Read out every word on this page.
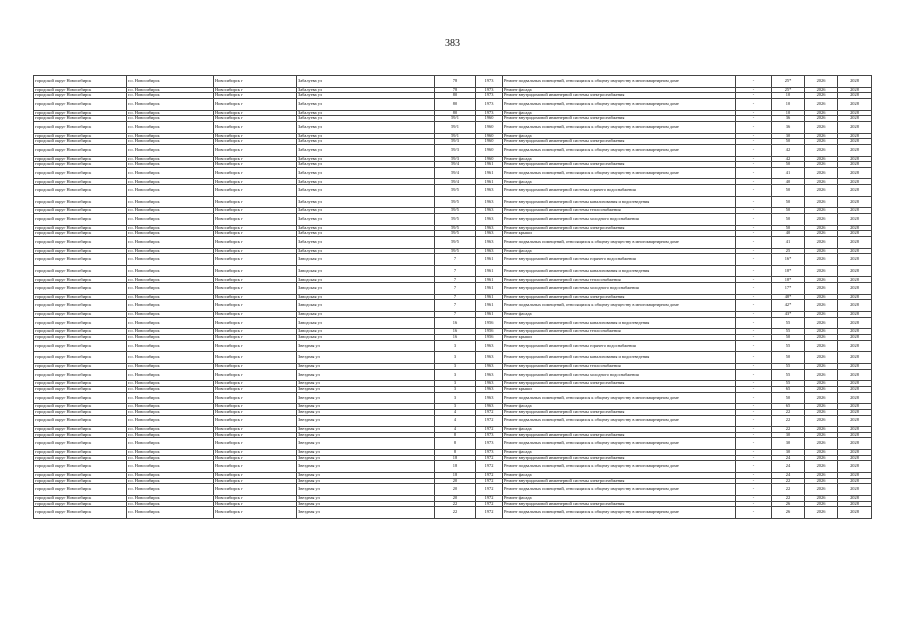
383
городской округ Новосибирск	г.о. Новосибирск	Новосибирск г	Забалуева ул	78	1973	Ремонт подвальных помещений, относящихся к общему имуществу в многоквартирном доме	-	25*	2026	2028
городской округ Новосибирск	г.о. Новосибирск	Новосибирск г	Забалуева ул	78	1973	Ремонт фасада	-	25*	2026	2028
городской округ Новосибирск	г.о. Новосибирск	Новосибирск г	Забалуева ул	80	1973	Ремонт внутридомовой инженерной системы электроснабжения	-	10	2026	2028
городской округ Новосибирск	г.о. Новосибирск	Новосибирск г	Забалуева ул	80	1973	Ремонт подвальных помещений, относящихся к общему имуществу в многоквартирном доме	-	10	2026	2028
городской округ Новосибирск	г.о. Новосибирск	Новосибирск г	Забалуева ул	80	1973	Ремонт фасада	-	10	2026	2028
городской округ Новосибирск	г.о. Новосибирск	Новосибирск г	Забалуева ул	59/1	1960	Ремонт внутридомовой инженерной системы электроснабжения	-	36	2026	2028
городской округ Новосибирск	г.о. Новосибирск	Новосибирск г	Забалуева ул	59/1	1960	Ремонт подвальных помещений, относящихся к общему имуществу в многоквартирном доме	-	36	2026	2028
городской округ Новосибирск	г.о. Новосибирск	Новосибирск г	Забалуева ул	59/1	1960	Ремонт фасада	-	30	2026	2028
городской округ Новосибирск	г.о. Новосибирск	Новосибирск г	Забалуева ул	59/3	1960	Ремонт внутридомовой инженерной системы электроснабжения	-	50	2026	2028
городской округ Новосибирск	г.о. Новосибирск	Новосибирск г	Забалуева ул	59/3	1960	Ремонт подвальных помещений, относящихся к общему имуществу в многоквартирном доме	-	42	2026	2028
городской округ Новосибирск	г.о. Новосибирск	Новосибирск г	Забалуева ул	59/3	1960	Ремонт фасада	-	42	2026	2028
городской округ Новосибирск	г.о. Новосибирск	Новосибирск г	Забалуева ул	59/4	1961	Ремонт внутридомовой инженерной системы электроснабжения	-	50	2026	2028
городской округ Новосибирск	г.о. Новосибирск	Новосибирск г	Забалуева ул	59/4	1961	Ремонт подвальных помещений, относящихся к общему имуществу в многоквартирном доме	-	41	2026	2028
городской округ Новосибирск	г.о. Новосибирск	Новосибирск г	Забалуева ул	59/4	1961	Ремонт фасада	-	40	2026	2028
городской округ Новосибирск	г.о. Новосибирск	Новосибирск г	Забалуева ул	59/5	1963	Ремонт внутридомовой инженерной системы горячего водоснабжения	-	50	2026	2028
городской округ Новосибирск	г.о. Новосибирск	Новосибирск г	Забалуева ул	59/5	1963	Ремонт внутридомовой инженерной системы канализования и водоотведения	-	50	2026	2028
городской округ Новосибирск	г.о. Новосибирск	Новосибирск г	Забалуева ул	59/5	1963	Ремонт внутридомовой инженерной системы теплоснабжения	-	50	2026	2028
городской округ Новосибирск	г.о. Новосибирск	Новосибирск г	Забалуева ул	59/5	1963	Ремонт внутридомовой инженерной системы холодного водоснабжения	-	50	2026	2028
городской округ Новосибирск	г.о. Новосибирск	Новосибирск г	Забалуева ул	59/5	1963	Ремонт внутридомовой инженерной системы электроснабжения	-	50	2026	2028
городской округ Новосибирск	г.о. Новосибирск	Новосибирск г	Забалуева ул	59/5	1963	Ремонт крыши	-	40	2026	2028
городской округ Новосибирск	г.о. Новосибирск	Новосибирск г	Забалуева ул	59/5	1963	Ремонт подвальных помещений, относящихся к общему имуществу в многоквартирном доме	-	41	2026	2028
городской округ Новосибирск	г.о. Новосибирск	Новосибирск г	Забалуева ул	59/5	1963	Ремонт фасада	-	25	2026	2028
городской округ Новосибирск	г.о. Новосибирск	Новосибирск г	Заводская ул	7	1961	Ремонт внутридомовой инженерной системы горячего водоснабжения	-	16*	2026	2028
городской округ Новосибирск	г.о. Новосибирск	Новосибирск г	Заводская ул	7	1961	Ремонт внутридомовой инженерной системы канализования и водоотведения	-	18*	2026	2028
городской округ Новосибирск	г.о. Новосибирск	Новосибирск г	Заводская ул	7	1961	Ремонт внутридомовой инженерной системы теплоснабжения	-	18*	2026	2028
городской округ Новосибирск	г.о. Новосибирск	Новосибирск г	Заводская ул	7	1961	Ремонт внутридомовой инженерной системы холодного водоснабжения	-	17*	2026	2028
городской округ Новосибирск	г.о. Новосибирск	Новосибирск г	Заводская ул	7	1961	Ремонт внутридомовой инженерной системы электроснабжения	-	48*	2026	2028
городской округ Новосибирск	г.о. Новосибирск	Новосибирск г	Заводская ул	7	1961	Ремонт подвальных помещений, относящихся к общему имуществу в многоквартирном доме	-	42*	2026	2028
городской округ Новосибирск	г.о. Новосибирск	Новосибирск г	Заводская ул	7	1961	Ремонт фасада	-	43*	2026	2028
городской округ Новосибирск	г.о. Новосибирск	Новосибирск г	Заводская ул	16	1956	Ремонт внутридомовой инженерной системы канализования и водоотведения	-	55	2026	2028
городской округ Новосибирск	г.о. Новосибирск	Новосибирск г	Заводская ул	16	1956	Ремонт внутридомовой инженерной системы теплоснабжения	-	55	2026	2028
городской округ Новосибирск	г.о. Новосибирск	Новосибирск г	Заводская ул	16	1956	Ремонт крыши	-	50	2026	2028
городской округ Новосибирск	г.о. Новосибирск	Новосибирск г	Звездная ул	3	1963	Ремонт внутридомовой инженерной системы горячего водоснабжения	-	55	2026	2028
городской округ Новосибирск	г.о. Новосибирск	Новосибирск г	Звездная ул	3	1963	Ремонт внутридомовой инженерной системы канализования и водоотведения	-	50	2026	2028
городской округ Новосибирск	г.о. Новосибирск	Новосибирск г	Звездная ул	3	1963	Ремонт внутридомовой инженерной системы теплоснабжения	-	55	2026	2028
городской округ Новосибирск	г.о. Новосибирск	Новосибирск г	Звездная ул	3	1963	Ремонт внутридомовой инженерной системы холодного водоснабжения	-	55	2026	2028
городской округ Новосибирск	г.о. Новосибирск	Новосибирск г	Звездная ул	3	1963	Ремонт внутридомовой инженерной системы электроснабжения	-	55	2026	2028
городской округ Новосибирск	г.о. Новосибирск	Новосибирск г	Звездная ул	3	1963	Ремонт крыши	-	65	2026	2028
городской округ Новосибирск	г.о. Новосибирск	Новосибирск г	Звездная ул	3	1963	Ремонт подвальных помещений, относящихся к общему имуществу в многоквартирном доме	-	50	2026	2028
городской округ Новосибирск	г.о. Новосибирск	Новосибирск г	Звездная ул	3	1963	Ремонт фасада	-	65	2026	2028
городской округ Новосибирск	г.о. Новосибирск	Новосибирск г	Звездная ул	4	1972	Ремонт внутридомовой инженерной системы электроснабжения	-	22	2026	2028
городской округ Новосибирск	г.о. Новосибирск	Новосибирск г	Звездная ул	4	1972	Ремонт подвальных помещений, относящихся к общему имуществу в многоквартирном доме	-	22	2026	2028
городской округ Новосибирск	г.о. Новосибирск	Новосибирск г	Звездная ул	4	1972	Ремонт фасада	-	22	2026	2028
городской округ Новосибирск	г.о. Новосибирск	Новосибирск г	Звездная ул	8	1973	Ремонт внутридомовой инженерной системы электроснабжения	-	30	2026	2028
городской округ Новосибирск	г.о. Новосибирск	Новосибирск г	Звездная ул	8	1973	Ремонт подвальных помещений, относящихся к общему имуществу в многоквартирном доме	-	30	2026	2028
городской округ Новосибирск	г.о. Новосибирск	Новосибирск г	Звездная ул	8	1973	Ремонт фасада	-	30	2026	2028
городской округ Новосибирск	г.о. Новосибирск	Новосибирск г	Звездная ул	18	1972	Ремонт внутридомовой инженерной системы электроснабжения	-	24	2026	2028
городской округ Новосибирск	г.о. Новосибирск	Новосибирск г	Звездная ул	18	1972	Ремонт подвальных помещений, относящихся к общему имуществу в многоквартирном доме	-	24	2026	2028
городской округ Новосибирск	г.о. Новосибирск	Новосибирск г	Звездная ул	18	1972	Ремонт фасада	-	24	2026	2028
городской округ Новосибирск	г.о. Новосибирск	Новосибирск г	Звездная ул	20	1972	Ремонт внутридомовой инженерной системы электроснабжения	-	22	2026	2028
городской округ Новосибирск	г.о. Новосибирск	Новосибирск г	Звездная ул	20	1972	Ремонт подвальных помещений, относящихся к общему имуществу в многоквартирном доме	-	22	2026	2028
городской округ Новосибирск	г.о. Новосибирск	Новосибирск г	Звездная ул	20	1972	Ремонт фасада	-	22	2026	2028
городской округ Новосибирск	г.о. Новосибирск	Новосибирск г	Звездная ул	22	1972	Ремонт внутридомовой инженерной системы электроснабжения	-	26	2026	2028
городской округ Новосибирск	г.о. Новосибирск	Новосибирск г	Звездная ул	22	1972	Ремонт подвальных помещений, относящихся к общему имуществу в многоквартирном доме	-	26	2026	2028
